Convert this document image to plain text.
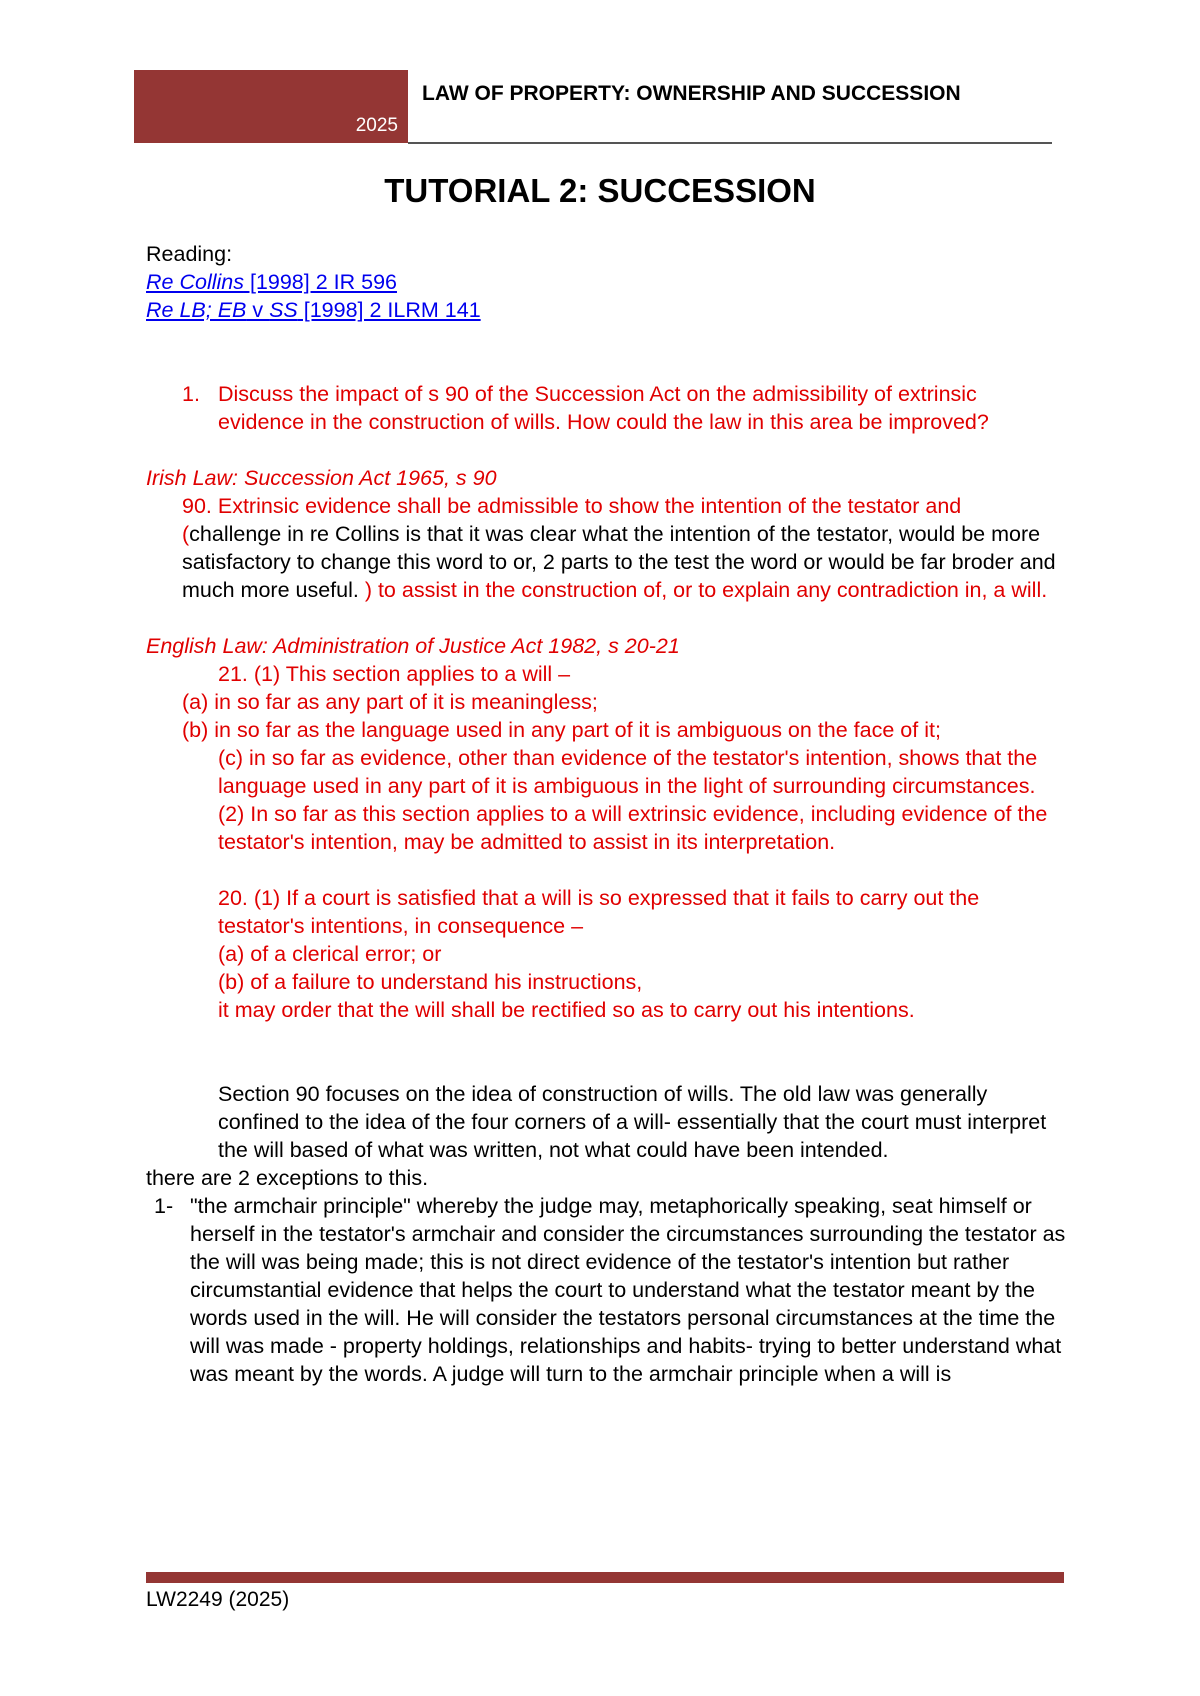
2025
LAW OF PROPERTY: OWNERSHIP AND SUCCESSION
TUTORIAL 2: SUCCESSION

Reading:

Re Collins [1998] 2 IR 596

Re LB; EB v SS [1998] 2 ILRM 141

1. Discuss the impact of s 90 of the Succession Act on the admissibility of extrinsic evidence in the construction of wills. How could the law in this area be improved?

Irish Law: Succession Act 1965, s 90

90. Extrinsic evidence shall be admissible to show the intention of the testator and (challenge in re Collins is that it was clear what the intention of the testator, would be more satisfactory to change this word to or, 2 parts to the test the word or would be far broder and much more useful. ) to assist in the construction of, or to explain any contradiction in, a will.

English Law: Administration of Justice Act 1982, s 20-21

21. (1) This section applies to a will –

(a) in so far as any part of it is meaningless;

(b) in so far as the language used in any part of it is ambiguous on the face of it;

(c) in so far as evidence, other than evidence of the testator's intention, shows that the language used in any part of it is ambiguous in the light of surrounding circumstances.

(2) In so far as this section applies to a will extrinsic evidence, including evidence of the testator's intention, may be admitted to assist in its interpretation.

20. (1) If a court is satisfied that a will is so expressed that it fails to carry out the testator's intentions, in consequence –

(a) of a clerical error; or

(b) of a failure to understand his instructions,

it may order that the will shall be rectified so as to carry out his intentions.

Section 90 focuses on the idea of construction of wills. The old law was generally confined to the idea of the four corners of a will- essentially that the court must interpret the will based of what was written, not what could have been intended.

there are 2 exceptions to this.

1- "the armchair principle" whereby the judge may, metaphorically speaking, seat himself or herself in the testator's armchair and consider the circumstances surrounding the testator as the will was being made; this is not direct evidence of the testator's intention but rather circumstantial evidence that helps the court to understand what the testator meant by the words used in the will. He will consider the testators personal circumstances at the time the will was made - property holdings, relationships and habits- trying to better understand what was meant by the words. A judge will turn to the armchair principle when a will is
LW2249 (2025)
